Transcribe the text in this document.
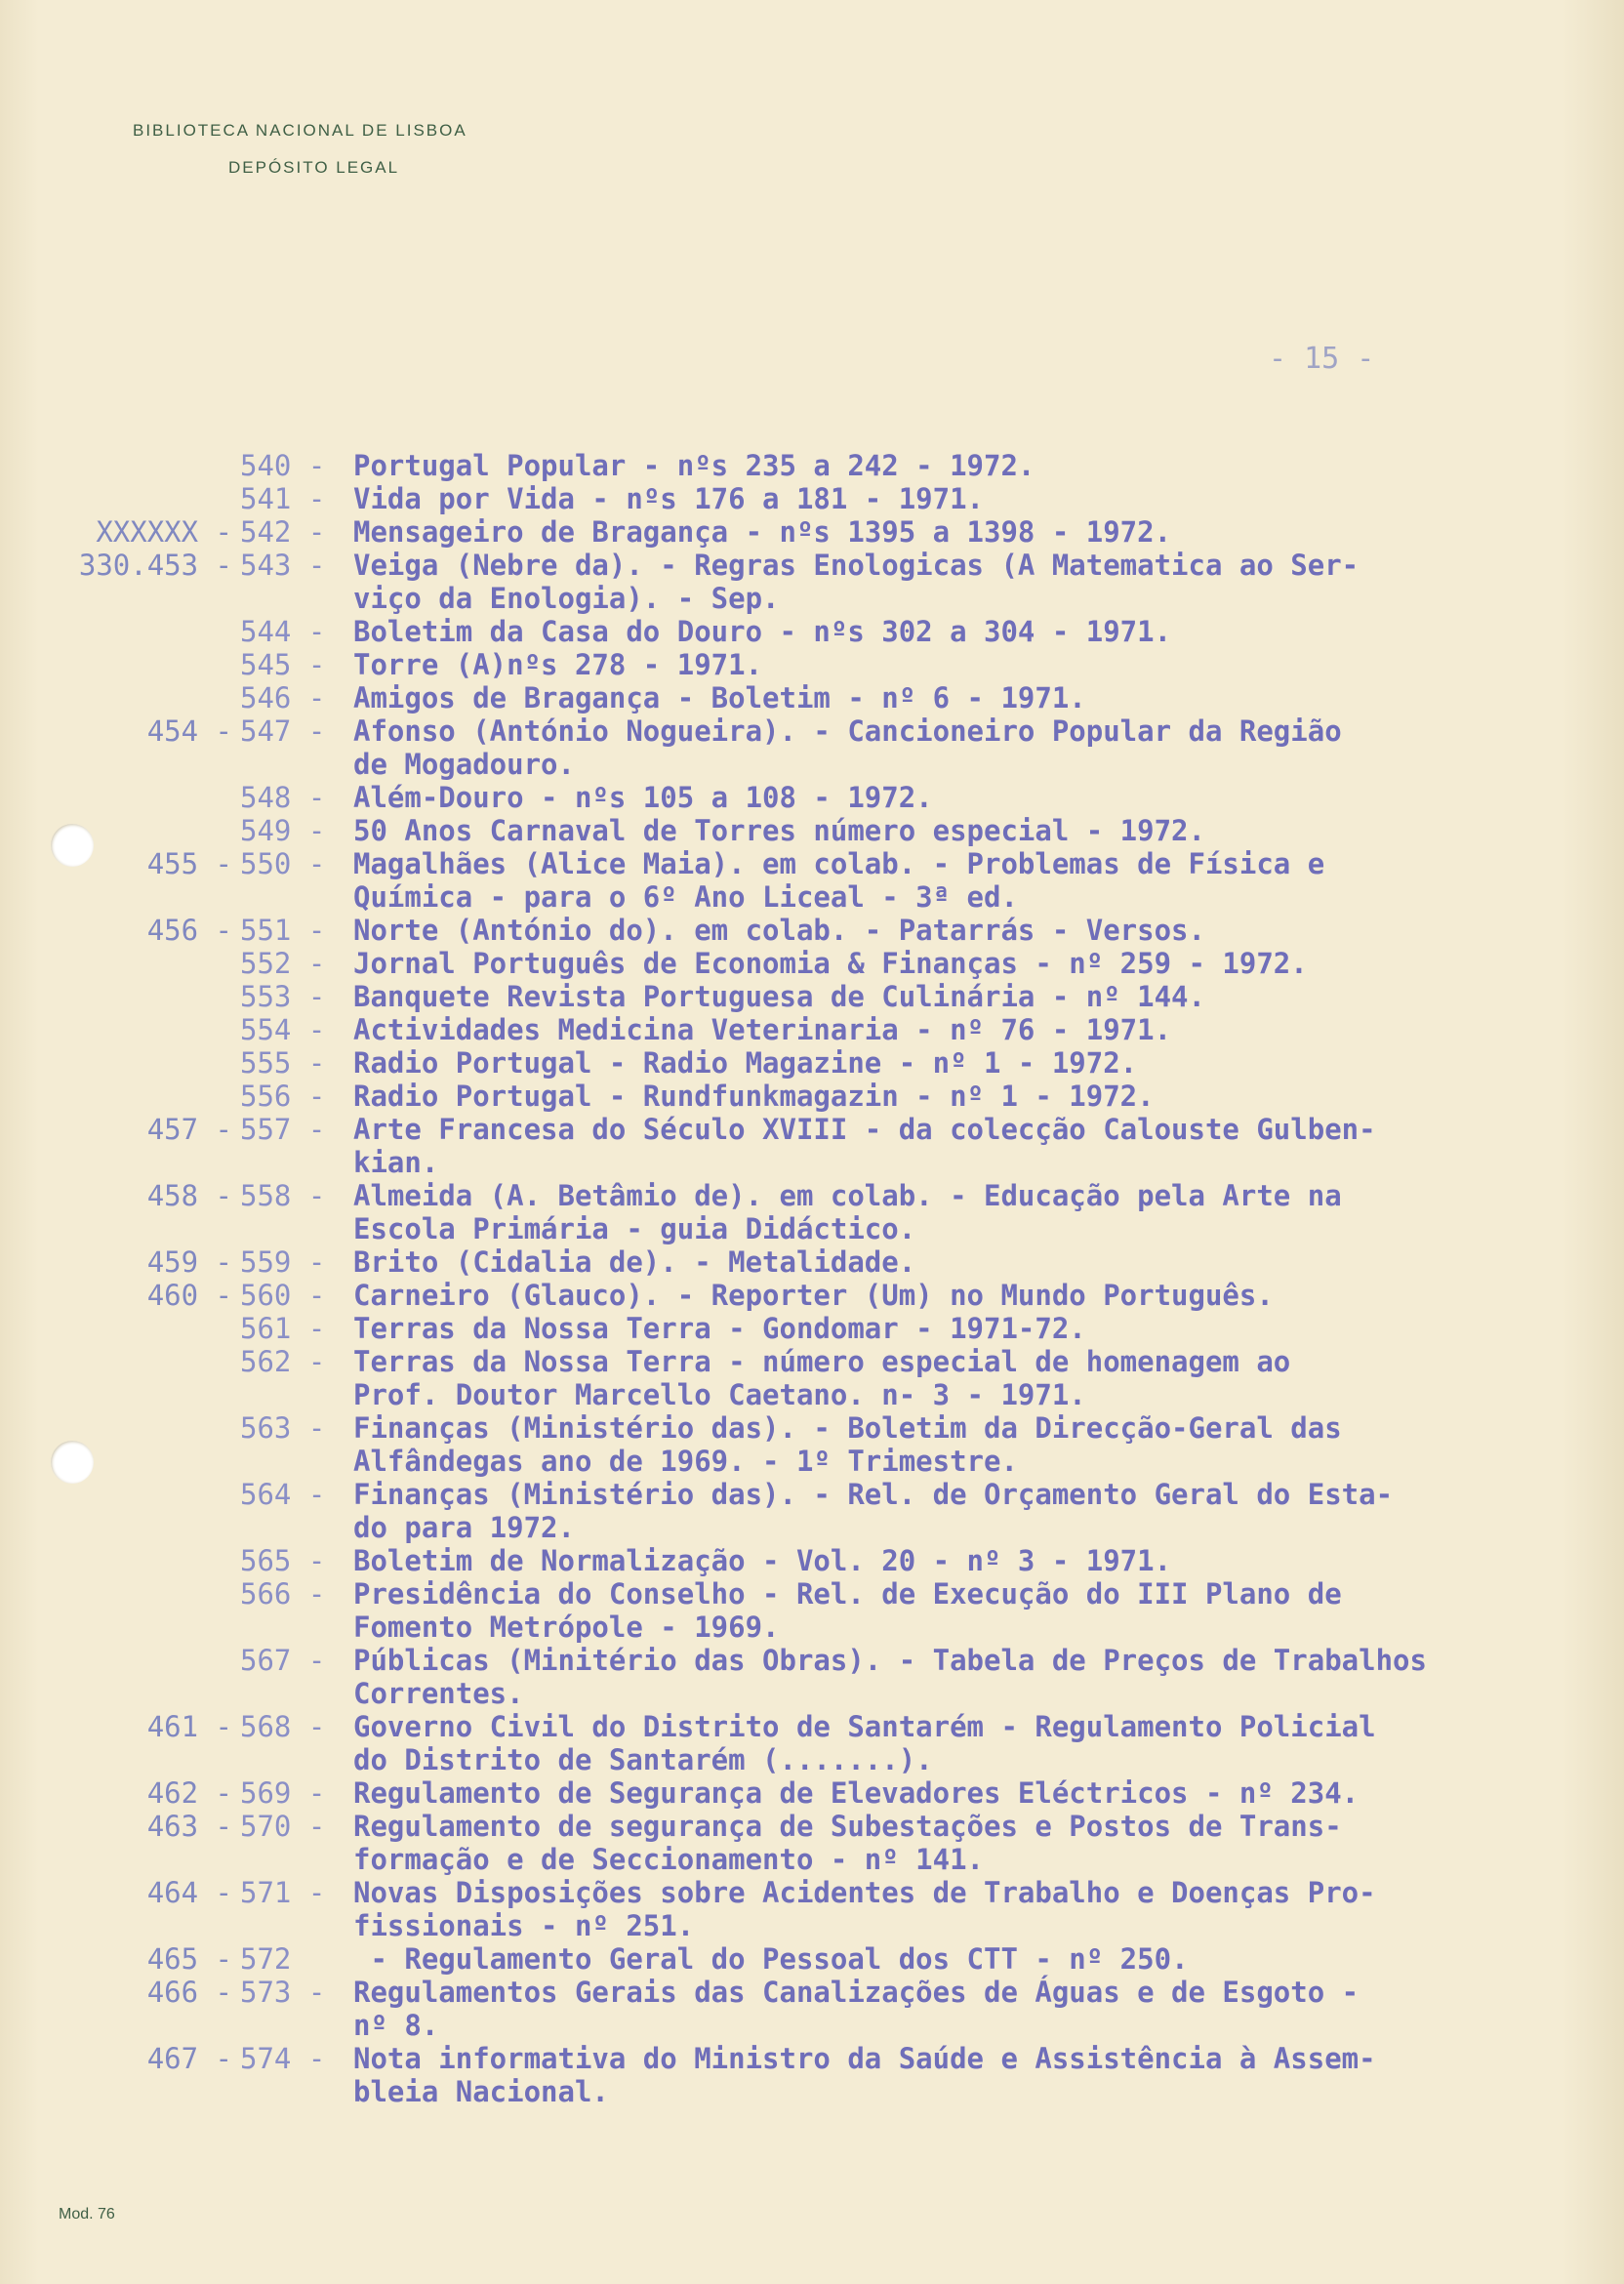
BIBLIOTECA NACIONAL DE LISBOA
DEPÓSITO LEGAL
- 15 -
540 - Portugal Popular - nºs 235 a 242 - 1972.
541 - Vida por Vida - nºs 176 a 181 - 1971.
XXXXXX - 542 - Mensageiro de Bragança - nºs 1395 a 1398 - 1972.
330.453 - 543 - Veiga (Nebre da). - Regras Enologicas (A Matematica ao Ser-
viço da Enologia). - Sep.
544 - Boletim da Casa do Douro - nºs 302 a 304 - 1971.
545 - Torre (A)nºs 278 - 1971.
546 - Amigos de Bragança - Boletim - nº 6 - 1971.
454 - 547 - Afonso (António Nogueira). - Cancioneiro Popular da Região
de Mogadouro.
548 - Além-Douro - nºs 105 a 108 - 1972.
549 - 50 Anos Carnaval de Torres número especial - 1972.
455 - 550 - Magalhães (Alice Maia). em colab. - Problemas de Física e
Química - para o 6º Ano Liceal - 3ª ed.
456 - 551 - Norte (António do). em colab. - Patarrás - Versos.
552 - Jornal Português de Economia & Finanças - nº 259 - 1972.
553 - Banquete Revista Portuguesa de Culinária - nº 144.
554 - Actividades Medicina Veterinaria - nº 76 - 1971.
555 - Radio Portugal - Radio Magazine - nº 1 - 1972.
556 - Radio Portugal - Rundfunkmagazin - nº 1 - 1972.
457 - 557 - Arte Francesa do Século XVIII - da colecção Calouste Gulben-
kian.
458 - 558 - Almeida (A. Betâmio de). em colab. - Educação pela Arte na
Escola Primária - guia Didáctico.
459 - 559 - Brito (Cidalia de). - Metalidade.
460 - 560 - Carneiro (Glauco). - Reporter (Um) no Mundo Português.
561 - Terras da Nossa Terra - Gondomar - 1971-72.
562 - Terras da Nossa Terra - número especial de homenagem ao
Prof. Doutor Marcello Caetano. n- 3 - 1971.
563 - Finanças (Ministério das). - Boletim da Direcção-Geral das
Alfândegas ano de 1969. - 1º Trimestre.
564 - Finanças (Ministério das). - Rel. de Orçamento Geral do Esta-
do para 1972.
565 - Boletim de Normalização - Vol. 20 - nº 3 - 1971.
566 - Presidência do Conselho - Rel. de Execução do III Plano de
Fomento Metrópole - 1969.
567 - Públicas (Minitério das Obras). - Tabela de Preços de Trabalhos
Correntes.
461 - 568 - Governo Civil do Distrito de Santarém - Regulamento Policial
do Distrito de Santarém (.......).
462 - 569 - Regulamento de Segurança de Elevadores Eléctricos - nº 234.
463 - 570 - Regulamento de segurança de Subestações e Postos de Trans-
formação e de Seccionamento - nº 141.
464 - 571 - Novas Disposições sobre Acidentes de Trabalho e Doenças Pro-
fissionais - nº 251.
465 - 572	- Regulamento Geral do Pessoal dos CTT - nº 250.
466 - 573 - Regulamentos Gerais das Canalizações de Águas e de Esgoto -
nº 8.
467 - 574 - Nota informativa do Ministro da Saúde e Assistência à Assem-
bleia Nacional.
Mod. 76
